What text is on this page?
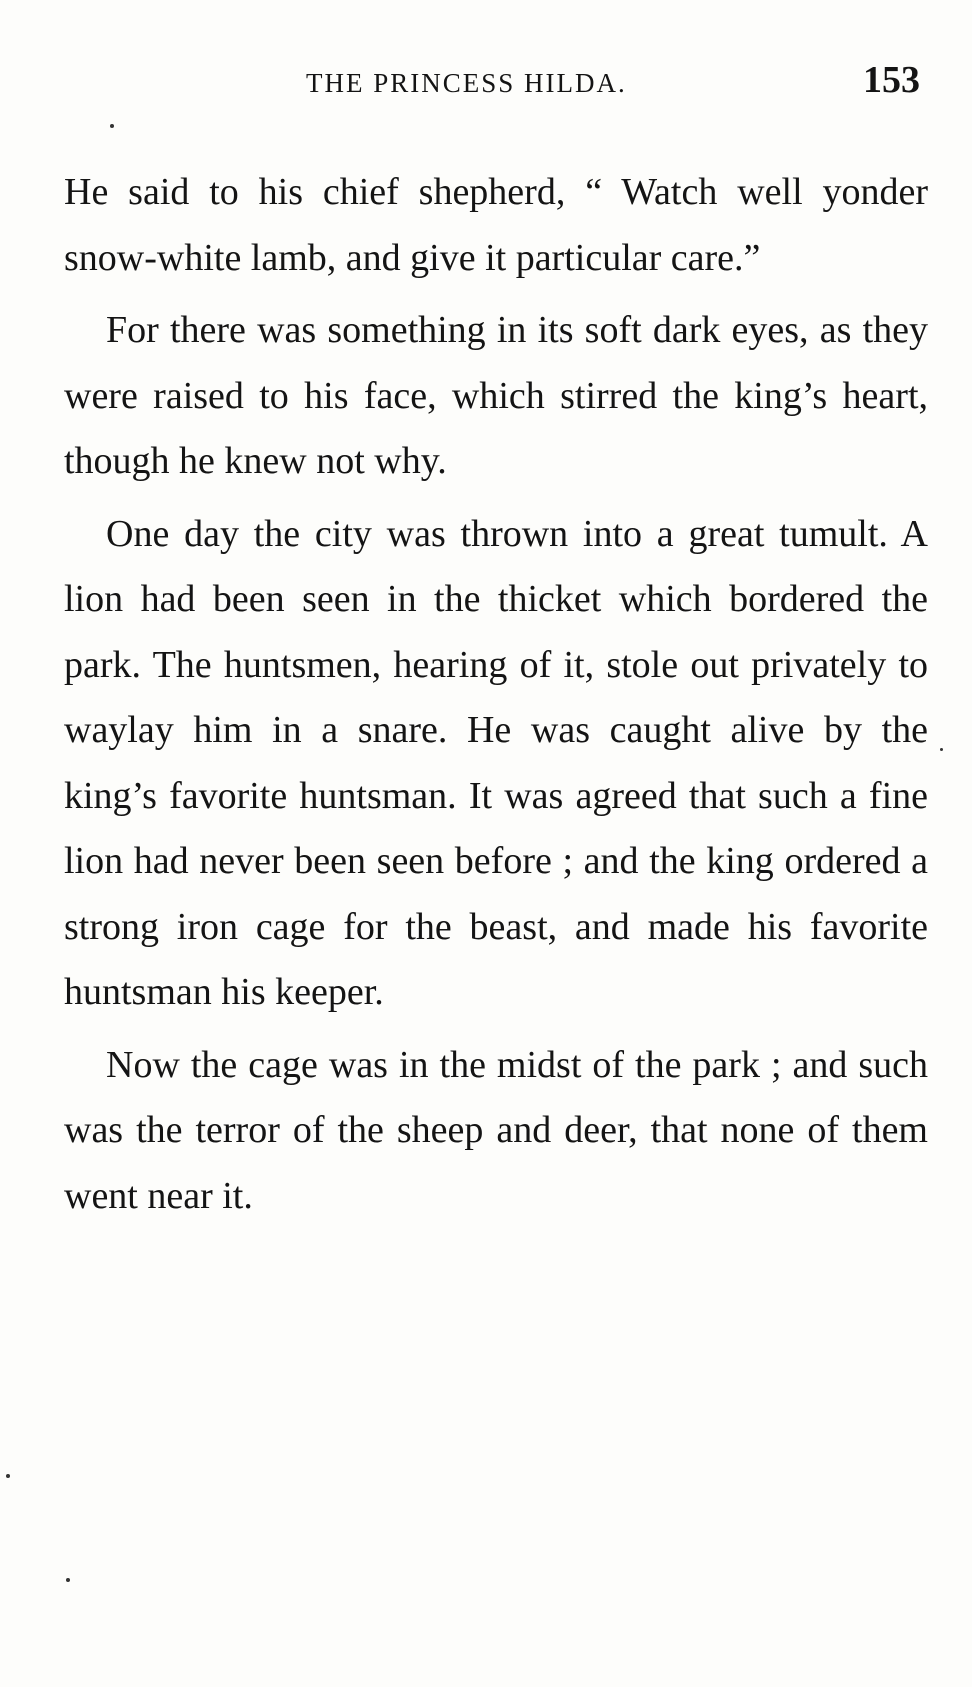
THE PRINCESS HILDA.	153

He said to his chief shepherd, “ Watch well yonder snow-white lamb, and give it particular care.”

For there was something in its soft dark eyes, as they were raised to his face, which stirred the king’s heart, though he knew not why.

One day the city was thrown into a great tumult. A lion had been seen in the thicket which bordered the park. The huntsmen, hearing of it, stole out privately to waylay him in a snare. He was caught alive by the king’s favorite huntsman. It was agreed that such a fine lion had never been seen before ; and the king ordered a strong iron cage for the beast, and made his favorite huntsman his keeper.

Now the cage was in the midst of the park ; and such was the terror of the sheep and deer, that none of them went near it.
